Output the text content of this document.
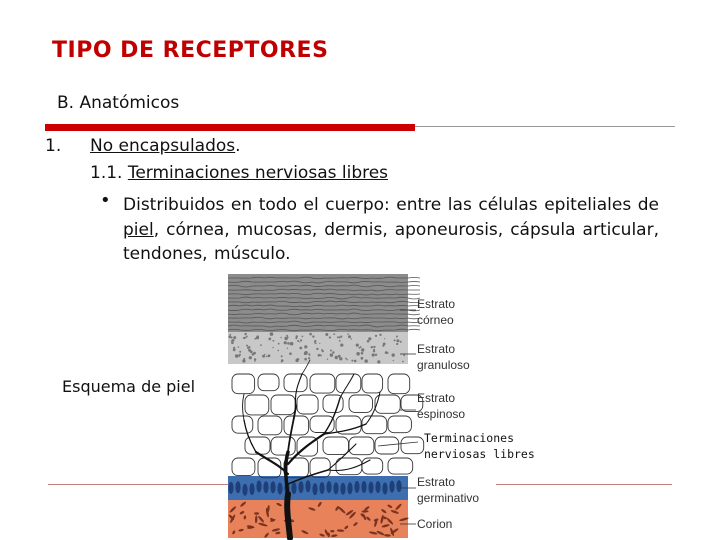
TIPO DE RECEPTORES
B. Anatómicos
1. No encapsulados.
1.1. Terminaciones nerviosas libres
• Distribuidos en todo el cuerpo: entre las células epiteliales de piel, córnea, mucosas, dermis, aponeurosis, cápsula articular, tendones, músculo.
Esquema de piel
Estrato
córneo
Estrato
granuloso
Estrato
espinoso
Terminaciones
nerviosas libres
Estrato
germinativo
Corion
